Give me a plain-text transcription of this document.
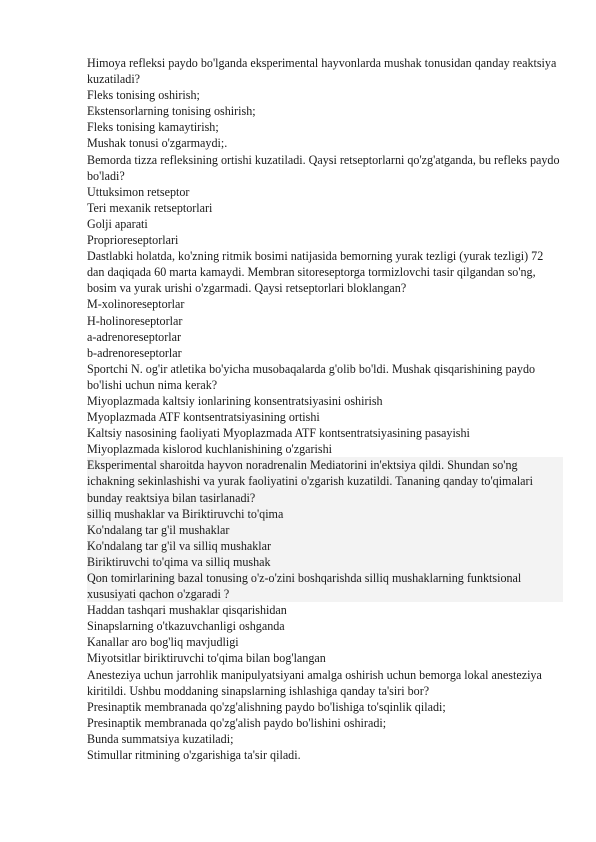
Himoya refleksi paydo bo'lganda eksperimental hayvonlarda mushak tonusidan qanday reaktsiya kuzatiladi?
Fleks tonising oshirish;
Ekstensorlarning tonising oshirish;
Fleks tonising kamaytirish;
Mushak tonusi o'zgarmaydi;.
Bemorda tizza refleksining ortishi kuzatiladi. Qaysi retseptorlarni qo'zg'atganda, bu refleks paydo bo'ladi?
Uttuksimon retseptor
Teri mexanik retseptorlari
Golji aparati
Proprioreseptorlari
Dastlabki holatda, ko'zning ritmik bosimi natijasida bemorning yurak tezligi (yurak tezligi) 72 dan daqiqada 60 marta kamaydi. Membran sitoreseptorga tormizlovchi tasir qilgandan so'ng, bosim va yurak urishi o'zgarmadi. Qaysi retseptorlari bloklangan?
M-xolinoreseptorlar
H-holinoreseptorlar
a-adrenoreseptorlar
b-adrenoreseptorlar
Sportchi N. og'ir atletika bo'yicha musobaqalarda g'olib bo'ldi. Mushak qisqarishining paydo bo'lishi uchun nima kerak?
Miyoplazmada kaltsiy ionlarining konsentratsiyasini oshirish
Myoplazmada ATF kontsentratsiyasining ortishi
Kaltsiy nasosining faoliyati Myoplazmada ATF kontsentratsiyasining pasayishi
Miyoplazmada kislorod kuchlanishining o'zgarishi
Eksperimental sharoitda hayvon noradrenalin Mediatorini in'ektsiya qildi. Shundan so'ng ichakning sekinlashishi va yurak faoliyatini o'zgarish kuzatildi. Tananing qanday to'qimalari bunday reaktsiya bilan tasirlanadi?
silliq mushaklar va Biriktiruvchi to'qima
Ko'ndalang tar g'il mushaklar
Ko'ndalang tar g'il va silliq mushaklar
Biriktiruvchi to'qima va silliq mushak
Qon tomirlarining bazal tonusing o'z-o'zini boshqarishda silliq mushaklarning funktsional xususiyati qachon o'zgaradi ?
Haddan tashqari mushaklar qisqarishidan
Sinapslarning o'tkazuvchanligi oshganda
Kanallar aro bog'liq mavjudligi
Miyotsitlar biriktiruvchi to'qima bilan bog'langan
Anesteziya uchun jarrohlik manipulyatsiyani amalga oshirish uchun bemorga lokal anesteziya kiritildi. Ushbu moddaning sinapslarning ishlashiga qanday ta'siri bor?
Presinaptik membranada qo'zg'alishning paydo bo'lishiga to'sqinlik qiladi;
Presinaptik membranada qo'zg'alish paydo bo'lishini oshiradi;
Bunda summatsiya kuzatiladi;
Stimullar ritmining o'zgarishiga ta'sir qiladi.
